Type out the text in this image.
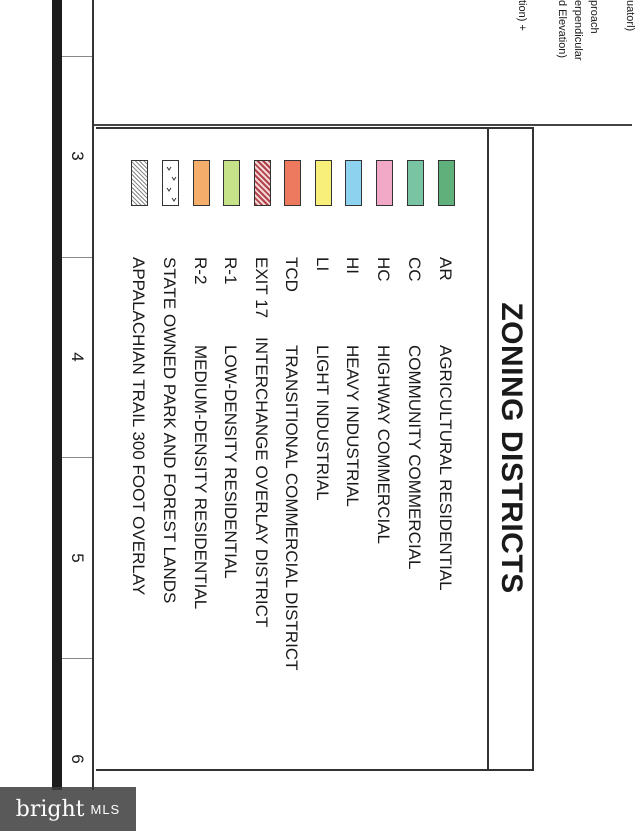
3
4
5
6
uatorl)
proach
erpendicular
d Elevation)
tion) +
ZONING DISTRICTS
AR
CC
HC
HI
LI
TCD
EXIT 17
R-1
R-2
AGRICULTURAL RESIDENTIAL
COMMUNITY COMMERCIAL
HIGHWAY COMMERCIAL
HEAVY INDUSTRIAL
LIGHT INDUSTRIAL
TRANSITIONAL COMMERCIAL DISTRICT
INTERCHANGE OVERLAY DISTRICT
LOW-DENSITY RESIDENTIAL
MEDIUM-DENSITY RESIDENTIAL
STATE OWNED PARK AND FOREST LANDS
APPALACHIAN TRAIL 300 FOOT OVERLAY
bright MLS
